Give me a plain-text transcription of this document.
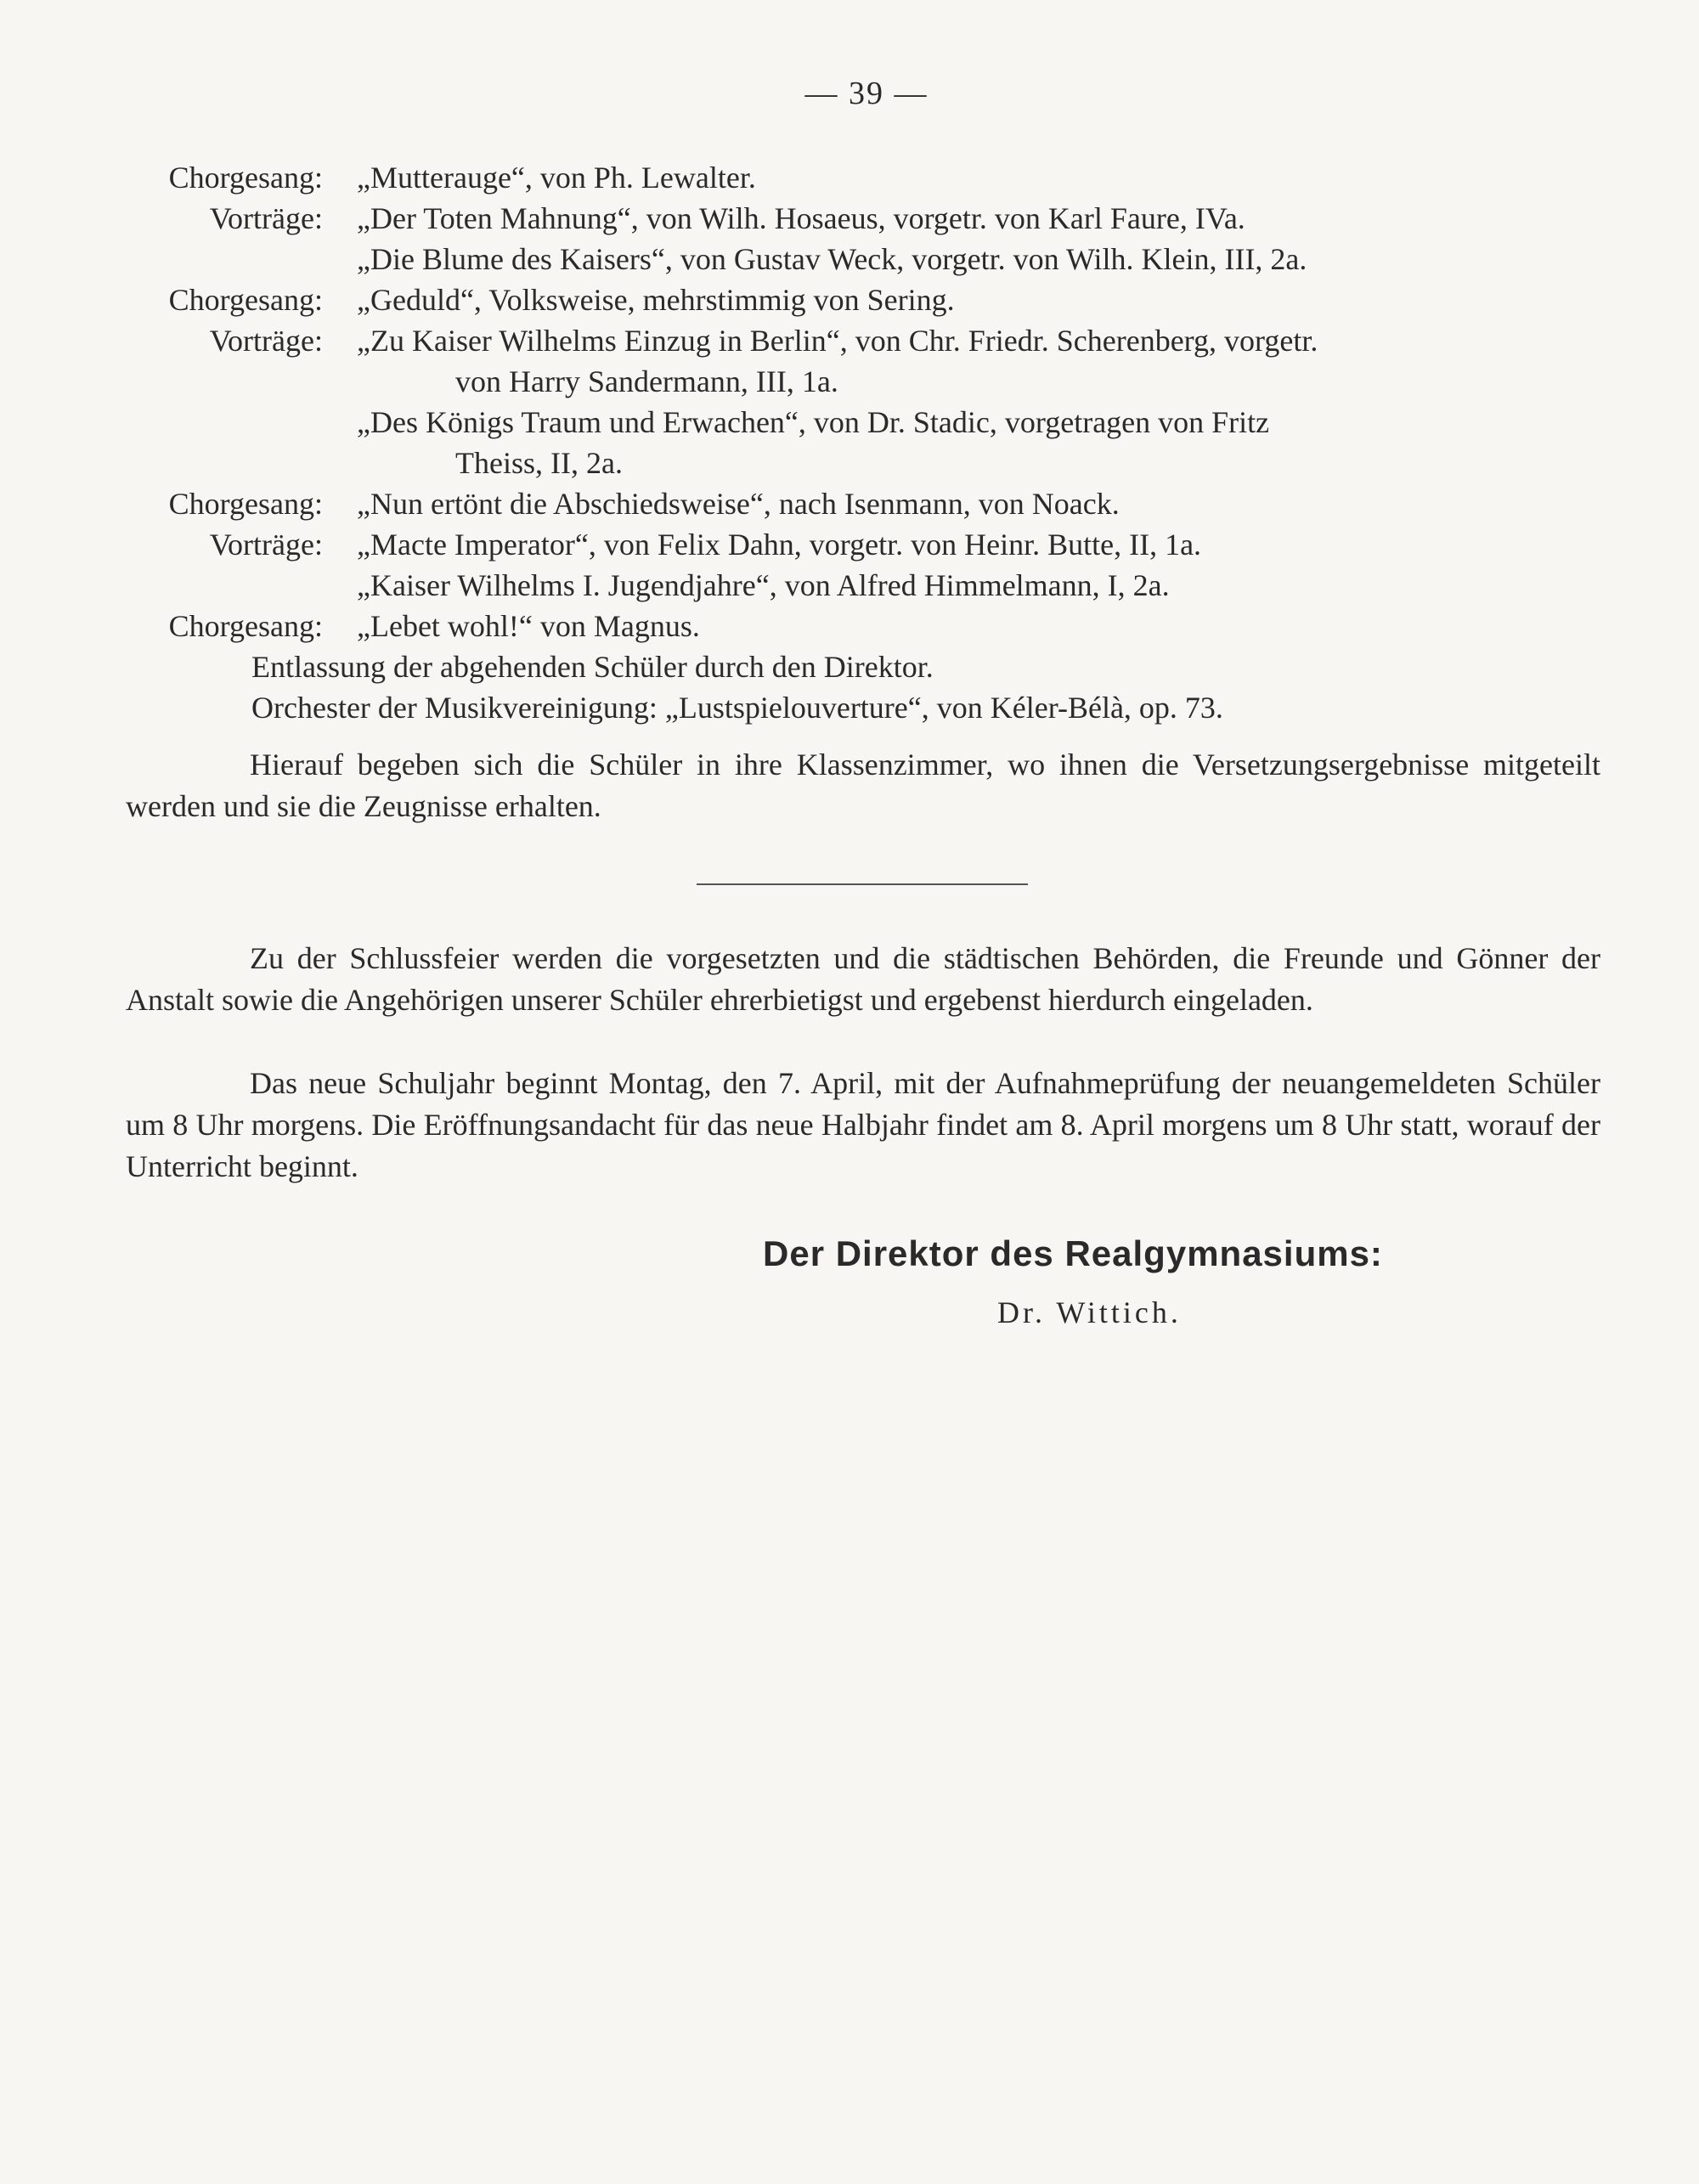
— 39 —
Chorgesang: „Mutterauge“, von Ph. Lewalter.
Vorträge: „Der Toten Mahnung“, von Wilh. Hosaeus, vorgetr. von Karl Faure, IVa.
„Die Blume des Kaisers“, von Gustav Weck, vorgetr. von Wilh. Klein, III, 2a.
Chorgesang: „Geduld“, Volksweise, mehrstimmig von Sering.
Vorträge: „Zu Kaiser Wilhelms Einzug in Berlin“, von Chr. Friedr. Scherenberg, vorgetr.
von Harry Sandermann, III, 1a.
„Des Königs Traum und Erwachen“, von Dr. Stadic, vorgetragen von Fritz
Theiss, II, 2a.
Chorgesang: „Nun ertönt die Abschiedsweise“, nach Isenmann, von Noack.
Vorträge: „Macte Imperator“, von Felix Dahn, vorgetr. von Heinr. Butte, II, 1a.
„Kaiser Wilhelms I. Jugendjahre“, von Alfred Himmelmann, I, 2a.
Chorgesang: „Lebet wohl!“ von Magnus.
Entlassung der abgehenden Schüler durch den Direktor.
Orchester der Musikvereinigung: „Lustspielouverture“, von Kéler-Bélà, op. 73.
Hierauf begeben sich die Schüler in ihre Klassenzimmer, wo ihnen die Versetzungsergebnisse mitgeteilt werden und sie die Zeugnisse erhalten.
Zu der Schlussfeier werden die vorgesetzten und die städtischen Behörden, die Freunde und Gönner der Anstalt sowie die Angehörigen unserer Schüler ehrerbietigst und ergebenst hierdurch eingeladen.
Das neue Schuljahr beginnt Montag, den 7. April, mit der Aufnahmeprüfung der neuangemeldeten Schüler um 8 Uhr morgens. Die Eröffnungsandacht für das neue Halbjahr findet am 8. April morgens um 8 Uhr statt, worauf der Unterricht beginnt.
Der Direktor des Realgymnasiums:
Dr. Wittich.
